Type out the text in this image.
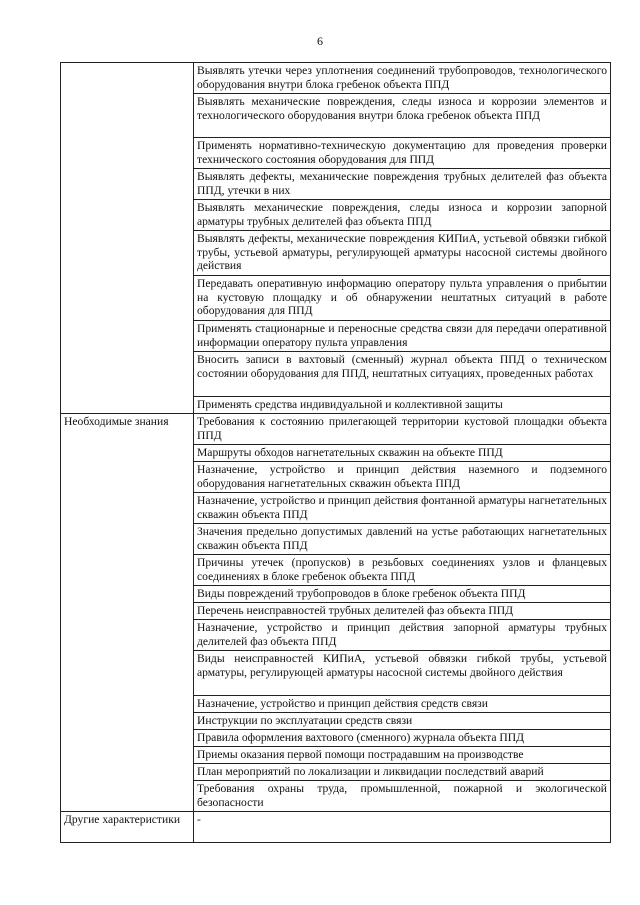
6
	Выявлять утечки через уплотнения соединений трубопроводов, технологического оборудования внутри блока гребенок объекта ППД
	Выявлять механические повреждения, следы износа и коррозии элементов и технологического оборудования внутри блока гребенок объекта ППД
	Применять нормативно-техническую документацию для проведения проверки технического состояния оборудования для ППД
	Выявлять дефекты, механические повреждения трубных делителей фаз объекта ППД, утечки в них
	Выявлять механические повреждения, следы износа и коррозии запорной арматуры трубных делителей фаз объекта ППД
	Выявлять дефекты, механические повреждения КИПиА, устьевой обвязки гибкой трубы, устьевой арматуры, регулирующей арматуры насосной системы двойного действия
	Передавать оперативную информацию оператору пульта управления о прибытии на кустовую площадку и об обнаружении нештатных ситуаций в работе оборудования для ППД
	Применять стационарные и переносные средства связи для передачи оперативной информации оператору пульта управления
	Вносить записи в вахтовый (сменный) журнал объекта ППД о техническом состоянии оборудования для ППД, нештатных ситуациях, проведенных работах
	Применять средства индивидуальной и коллективной защиты
Необходимые знания	Требования к состоянию прилегающей территории кустовой площадки объекта ППД
	Маршруты обходов нагнетательных скважин на объекте ППД
	Назначение, устройство и принцип действия наземного и подземного оборудования нагнетательных скважин объекта ППД
	Назначение, устройство и принцип действия фонтанной арматуры нагнетательных скважин объекта ППД
	Значения предельно допустимых давлений на устье работающих нагнетательных скважин объекта ППД
	Причины утечек (пропусков) в резьбовых соединениях узлов и фланцевых соединениях в блоке гребенок объекта ППД
	Виды повреждений трубопроводов в блоке гребенок объекта ППД
	Перечень неисправностей трубных делителей фаз объекта ППД
	Назначение, устройство и принцип действия запорной арматуры трубных делителей фаз объекта ППД
	Виды неисправностей КИПиА, устьевой обвязки гибкой трубы, устьевой арматуры, регулирующей арматуры насосной системы двойного действия
	Назначение, устройство и принцип действия средств связи
	Инструкции по эксплуатации средств связи
	Правила оформления вахтового (сменного) журнала объекта ППД
	Приемы оказания первой помощи пострадавшим на производстве
	План мероприятий по локализации и ликвидации последствий аварий
	Требования охраны труда, промышленной, пожарной и экологической безопасности
Другие характеристики	-
